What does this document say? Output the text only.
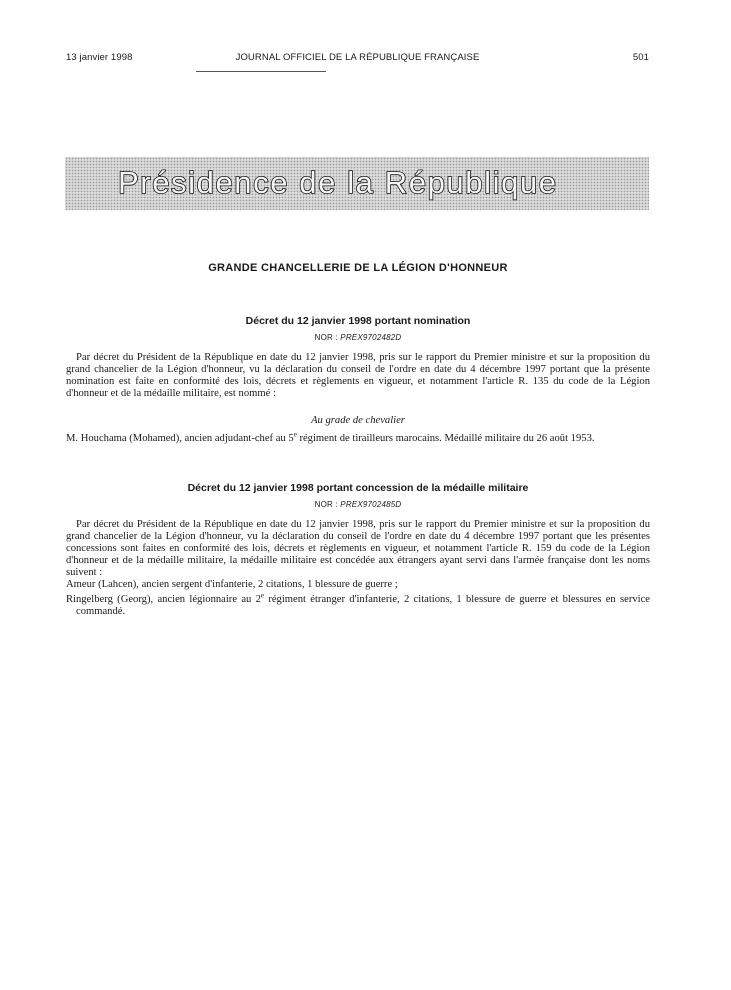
13 janvier 1998	JOURNAL OFFICIEL DE LA RÉPUBLIQUE FRANÇAISE	501
Présidence de la République
GRANDE CHANCELLERIE DE LA LÉGION D'HONNEUR
Décret du 12 janvier 1998 portant nomination
NOR : PREX9702482D

Par décret du Président de la République en date du 12 janvier 1998, pris sur le rapport du Premier ministre et sur la proposition du grand chancelier de la Légion d'honneur, vu la déclaration du conseil de l'ordre en date du 4 décembre 1997 portant que la présente nomination est faite en conformité des lois, décrets et règlements en vigueur, et notamment l'article R. 135 du code de la Légion d'honneur et de la médaille militaire, est nommé :

Au grade de chevalier

M. Houchama (Mohamed), ancien adjudant-chef au 5e régiment de tirailleurs marocains. Médaillé militaire du 26 août 1953.

Décret du 12 janvier 1998 portant concession de la médaille militaire
NOR : PREX9702485D

Par décret du Président de la République en date du 12 janvier 1998, pris sur le rapport du Premier ministre et sur la proposition du grand chancelier de la Légion d'honneur, vu la déclaration du conseil de l'ordre en date du 4 décembre 1997 portant que les présentes concessions sont faites en conformité des lois, décrets et règlements en vigueur, et notamment l'article R. 159 du code de la Légion d'honneur et de la médaille militaire, la médaille militaire est concédée aux étrangers ayant servi dans l'armée française dont les noms suivent :

Ameur (Lahcen), ancien sergent d'infanterie, 2 citations, 1 blessure de guerre ;

Ringelberg (Georg), ancien légionnaire au 2e régiment étranger d'infanterie, 2 citations, 1 blessure de guerre et blessures en service commandé.
